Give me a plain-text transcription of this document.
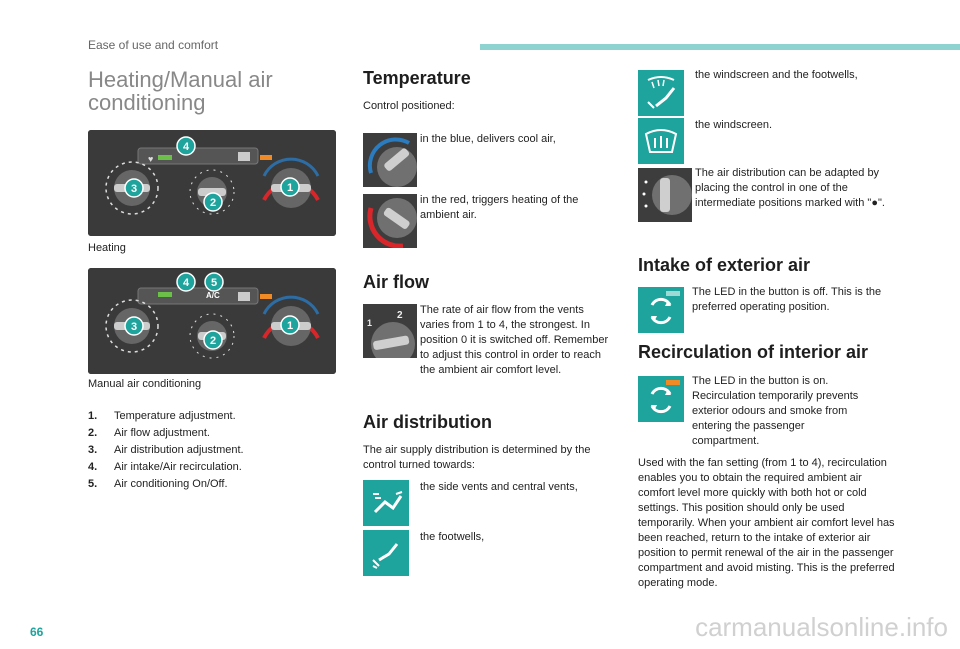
Ease of use and comfort
Heating/Manual air conditioning
♥
4
3
2
1
Heating
A/C
4 5
3
2
1
Manual air conditioning
1.	Temperature adjustment.
2.	Air flow adjustment.
3.	Air distribution adjustment.
4.	Air intake/Air recirculation.
5.	Air conditioning On/Off.
Temperature
Control positioned:
in the blue, delivers cool air,
in the red, triggers heating of the ambient air.
Air flow
2
1
The rate of air flow from the vents varies from 1 to 4, the strongest. In position 0 it is switched off. Remember to adjust this control in order to reach the ambient air comfort level.
Air distribution
The air supply distribution is determined by the control turned towards:
the side vents and central vents,
the footwells,
the windscreen and the footwells,
the windscreen.
The air distribution can be adapted by placing the control in one of the intermediate positions marked with "●".
Intake of exterior air
The LED in the button is off. This is the preferred operating position.
Recirculation of interior air
The LED in the button is on. Recirculation temporarily prevents exterior odours and smoke from entering the passenger compartment.
Used with the fan setting (from 1 to 4), recirculation enables you to obtain the required ambient air comfort level more quickly with both hot or cold settings. This position should only be used temporarily. When your ambient air comfort level has been reached, return to the intake of exterior air position to permit renewal of the air in the passenger compartment and avoid misting. This is the preferred operating mode.
66	carmanualsonline.info
